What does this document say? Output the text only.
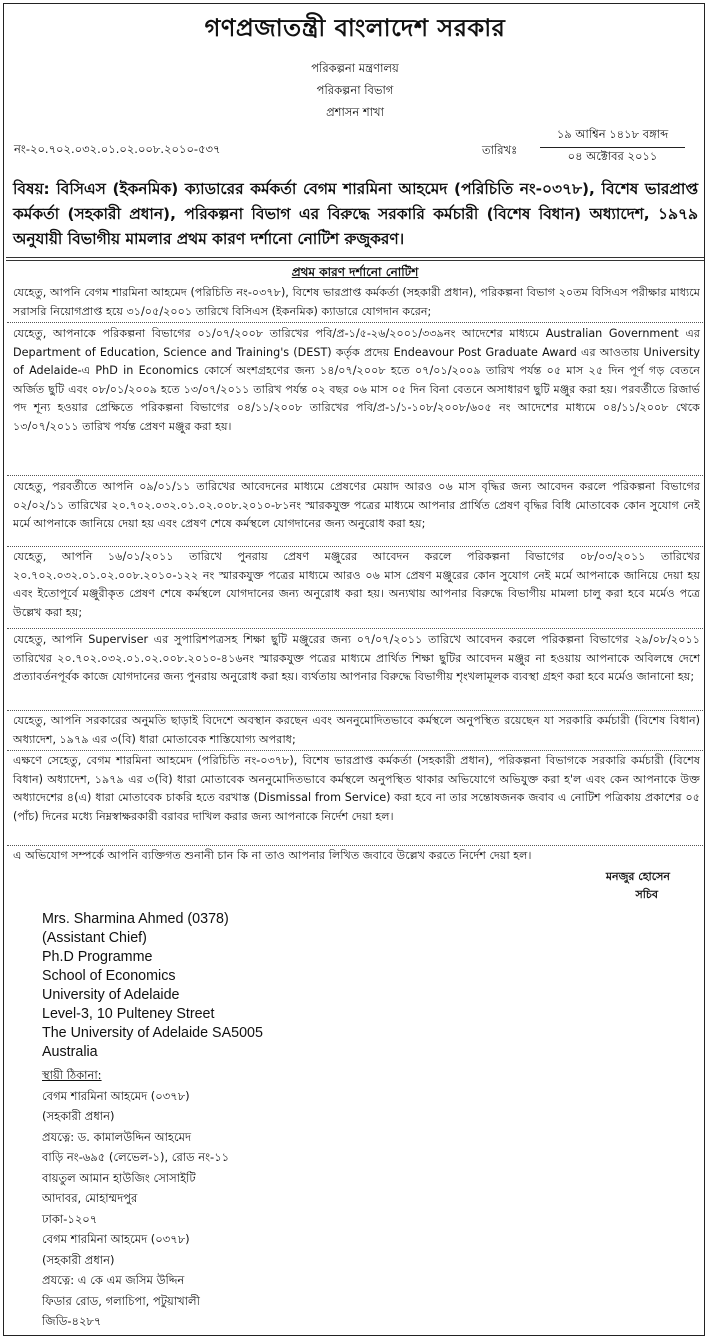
গণপ্রজাতন্ত্রী বাংলাদেশ সরকার
পরিকল্পনা মন্ত্রণালয়
পরিকল্পনা বিভাগ
প্রশাসন শাখা
নং-২০.৭০২.০৩২.০১.০২.০০৮.২০১০-৫৩৭	তারিখঃ
১৯ আশ্বিন ১৪১৮ বঙ্গাব্দ
০৪ অক্টোবর ২০১১
বিষয়: বিসিএস (ইকনমিক) ক্যাডারের কর্মকর্তা বেগম শারমিনা আহমেদ (পরিচিতি নং-০৩৭৮), বিশেষ ভারপ্রাপ্ত কর্মকর্তা (সহকারী প্রধান), পরিকল্পনা বিভাগ এর বিরুদ্ধে সরকারি কর্মচারী (বিশেষ বিধান) অধ্যাদেশ, ১৯৭৯ অনুযায়ী বিভাগীয় মামলার প্রথম কারণ দর্শানো নোটিশ রুজুকরণ।
প্রথম কারণ দর্শানো নোটিশ
যেহেতু, আপনি বেগম শারমিনা আহমেদ (পরিচিতি নং-০৩৭৮), বিশেষ ভারপ্রাপ্ত কর্মকর্তা (সহকারী প্রধান), পরিকল্পনা বিভাগ ২০তম বিসিএস পরীক্ষার মাধ্যমে সরাসরি নিয়োগপ্রাপ্ত হয়ে ৩১/০৫/২০০১ তারিখে বিসিএস (ইকনমিক) ক্যাডারে যোগদান করেন;
যেহেতু, আপনাকে পরিকল্পনা বিভাগের ০১/০৭/২০০৮ তারিখের পবি/প্র-১/৫-২৬/২০০১/৩৩৯নং আদেশের মাধ্যমে Australian Government এর Department of Education, Science and Training's (DEST) কর্তৃক প্রদেয় Endeavour Post Graduate Award এর আওতায় University of Adelaide-এ PhD in Economics কোর্সে অংশগ্রহণের জন্য ১৪/০৭/২০০৮ হতে ০৭/০১/২০০৯ তারিখ পর্যন্ত ০৫ মাস ২৫ দিন পূর্ণ গড় বেতনে অর্জিত ছুটি এবং ০৮/০১/২০০৯ হতে ১৩/০৭/২০১১ তারিখ পর্যন্ত ০২ বছর ০৬ মাস ০৫ দিন বিনা বেতনে অসাধারণ ছুটি মঞ্জুর করা হয়। পরবর্তীতে রিজার্ভ পদ শূন্য হওয়ার প্রেক্ষিতে পরিকল্পনা বিভাগের ০৪/১১/২০০৮ তারিখের পবি/প্র-১/১-১০৮/২০০৮/৬০৫ নং আদেশের মাধ্যমে ০৪/১১/২০০৮ থেকে ১৩/০৭/২০১১ তারিখ পর্যন্ত প্রেষণ মঞ্জুর করা হয়।
যেহেতু, পরবর্তীতে আপনি ০৯/০১/১১ তারিখের আবেদনের মাধ্যমে প্রেষণের মেয়াদ আরও ০৬ মাস বৃদ্ধির জন্য আবেদন করলে পরিকল্পনা বিভাগের ০২/০২/১১ তারিখের ২০.৭০২.০৩২.০১.০২.০০৮.২০১০-৮১নং স্মারকযুক্ত পত্রের মাধ্যমে আপনার প্রার্থিত প্রেষণ বৃদ্ধির বিধি মোতাবেক কোন সুযোগ নেই মর্মে আপনাকে জানিয়ে দেয়া হয় এবং প্রেষণ শেষে কর্মস্থলে যোগদানের জন্য অনুরোধ করা হয়;
যেহেতু, আপনি ১৬/০১/২০১১ তারিখে পুনরায় প্রেষণ মঞ্জুরের আবেদন করলে পরিকল্পনা বিভাগের ০৮/০৩/২০১১ তারিখের ২০.৭০২.০৩২.০১.০২.০০৮.২০১০-১২২ নং স্মারকযুক্ত পত্রের মাধ্যমে আরও ০৬ মাস প্রেষণ মঞ্জুরের কোন সুযোগ নেই মর্মে আপনাকে জানিয়ে দেয়া হয় এবং ইতোপূর্বে মঞ্জুরীকৃত প্রেষণ শেষে কর্মস্থলে যোগদানের জন্য অনুরোধ করা হয়। অন্যথায় আপনার বিরুদ্ধে বিভাগীয় মামলা চালু করা হবে মর্মেও পত্রে উল্লেখ করা হয়;
যেহেতু, আপনি Superviser এর সুপারিশপত্রসহ শিক্ষা ছুটি মঞ্জুরের জন্য ০৭/০৭/২০১১ তারিখে আবেদন করলে পরিকল্পনা বিভাগের ২৯/০৮/২০১১ তারিখের ২০.৭০২.০৩২.০১.০২.০০৮.২০১০-৪১৬নং স্মারকযুক্ত পত্রের মাধ্যমে প্রার্থিত শিক্ষা ছুটির আবেদন মঞ্জুর না হওয়ায় আপনাকে অবিলম্বে দেশে প্রত্যাবর্তনপূর্বক কাজে যোগদানের জন্য পুনরায় অনুরোধ করা হয়। ব্যর্থতায় আপনার বিরুদ্ধে বিভাগীয় শৃংখলামূলক ব্যবস্থা গ্রহণ করা হবে মর্মেও জানানো হয়;
যেহেতু, আপনি সরকারের অনুমতি ছাড়াই বিদেশে অবস্থান করছেন এবং অননুমোদিতভাবে কর্মস্থলে অনুপস্থিত রয়েছেন যা সরকারি কর্মচারী (বিশেষ বিধান) অধ্যাদেশ, ১৯৭৯ এর ৩(বি) ধারা মোতাবেক শাস্তিযোগ্য অপরাধ;
এক্ষণে সেহেতু, বেগম শারমিনা আহমেদ (পরিচিতি নং-০৩৭৮), বিশেষ ভারপ্রাপ্ত কর্মকর্তা (সহকারী প্রধান), পরিকল্পনা বিভাগকে সরকারি কর্মচারী (বিশেষ বিধান) অধ্যাদেশ, ১৯৭৯ এর ৩(বি) ধারা মোতাবেক অননুমোদিতভাবে কর্মস্থলে অনুপস্থিত থাকার অভিযোগে অভিযুক্ত করা হ'ল এবং কেন আপনাকে উক্ত অধ্যাদেশের ৪(এ) ধারা মোতাবেক চাকরি হতে বরখাস্ত (Dismissal from Service) করা হবে না তার সন্তোষজনক জবাব এ নোটিশ পত্রিকায় প্রকাশের ০৫ (পাঁচ) দিনের মধ্যে নিম্নস্বাক্ষরকারী বরাবর দাখিল করার জন্য আপনাকে নির্দেশ দেয়া হল।
এ অভিযোগ সম্পর্কে আপনি ব্যক্তিগত শুনানী চান কি না তাও আপনার লিখিত জবাবে উল্লেখ করতে নির্দেশ দেয়া হল।
মনজুর হোসেন
সচিব
Mrs. Sharmina Ahmed (0378)
(Assistant Chief)
Ph.D Programme
School of Economics
University of Adelaide
Level-3, 10 Pulteney Street
The University of Adelaide SA5005
Australia
স্থায়ী ঠিকানা:
বেগম শারমিনা আহমেদ (০৩৭৮)
(সহকারী প্রধান)
প্রযত্নে: ড. কামালউদ্দিন আহমেদ
বাড়ি নং-৬৯৫ (লেভেল-১), রোড নং-১১
বায়তুল আমান হাউজিং সোসাইটি
আদাবর, মোহাম্মদপুর
ঢাকা-১২০৭
বেগম শারমিনা আহমেদ (০৩৭৮)
(সহকারী প্রধান)
প্রযত্নে: এ কে এম জসিম উদ্দিন
ফিডার রোড, গলাচিপা, পটুয়াখালী
জিডি-৪২৮৭
